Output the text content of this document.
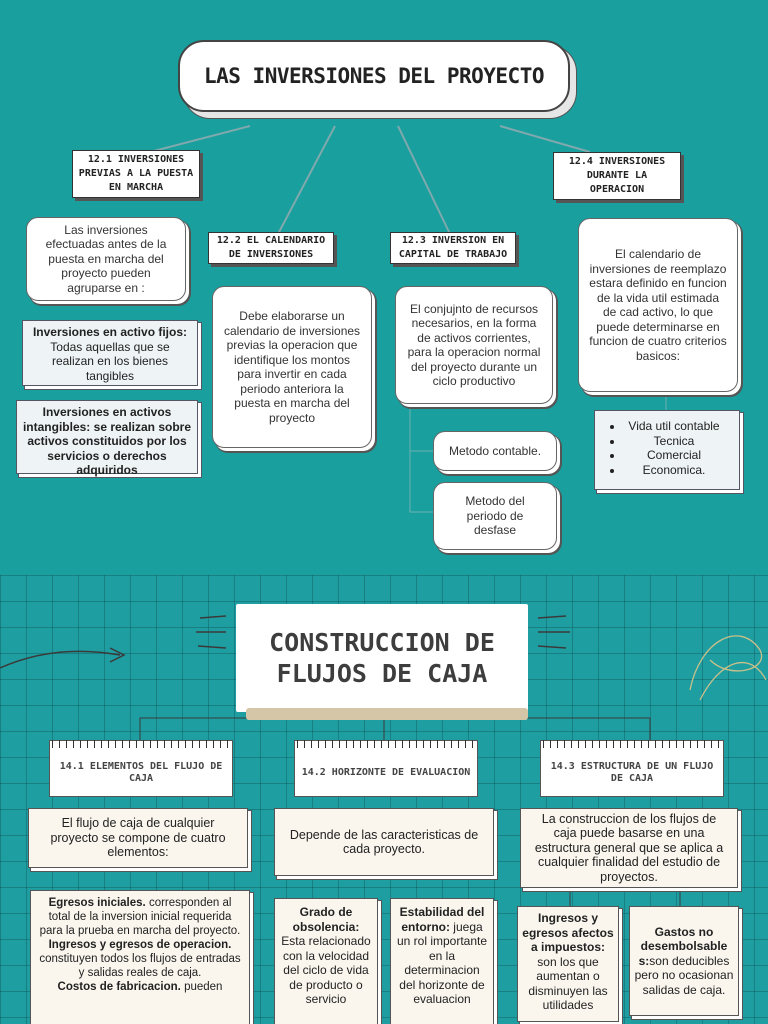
LAS INVERSIONES DEL PROYECTO
12.1 INVERSIONES PREVIAS A LA PUESTA EN MARCHA
12.2 EL CALENDARIO DE INVERSIONES
12.3 INVERSION EN CAPITAL DE TRABAJO
12.4 INVERSIONES DURANTE LA OPERACION
Las inversiones efectuadas antes de la puesta en marcha del proyecto pueden agruparse en :
Inversiones en activo fijos: Todas aquellas que se realizan en los bienes tangibles
Inversiones en activos intangibles: se realizan sobre activos constituidos por los servicios o derechos adquiridos
Debe elaborarse un calendario de inversiones previas la operacion que identifique los montos para invertir en cada periodo anteriora la puesta en marcha del proyecto
El conjujnto de recursos necesarios, en la forma de activos corrientes, para la operacion normal del proyecto durante un ciclo productivo
Metodo contable.
Metodo del periodo de desfase
El calendario de inversiones de reemplazo estara definido en funcion de la vida util estimada de cad activo, lo que puede determinarse en funcion de cuatro criterios basicos:
• Vida util contable
• Tecnica
• Comercial
• Economica.
CONSTRUCCION DE
FLUJOS DE CAJA
14.1 ELEMENTOS DEL FLUJO DE CAJA
14.2 HORIZONTE DE EVALUACION
14.3 ESTRUCTURA DE UN FLUJO DE CAJA
El flujo de caja de cualquier proyecto se compone de cuatro elementos:
Egresos iniciales. corresponden al total de la inversion inicial requerida para la prueba en marcha del proyecto.
Ingresos y egresos de operacion. constituyen todos los flujos de entradas y salidas reales de caja.
Costos de fabricacion. pueden
Depende de las caracteristicas de cada proyecto.
Grado de obsolencia: Esta relacionado con la velocidad del ciclo de vida de producto o servicio
Estabilidad del entorno: juega un rol importante en la determinacion del horizonte de evaluacion
La construccion de los flujos de caja puede basarse en una estructura general que se aplica a cualquier finalidad del estudio de proyectos.
Ingresos y egresos afectos a impuestos: son los que aumentan o disminuyen las utilidades
Gastos no desembolsable s:son deducibles pero no ocasionan salidas de caja.
